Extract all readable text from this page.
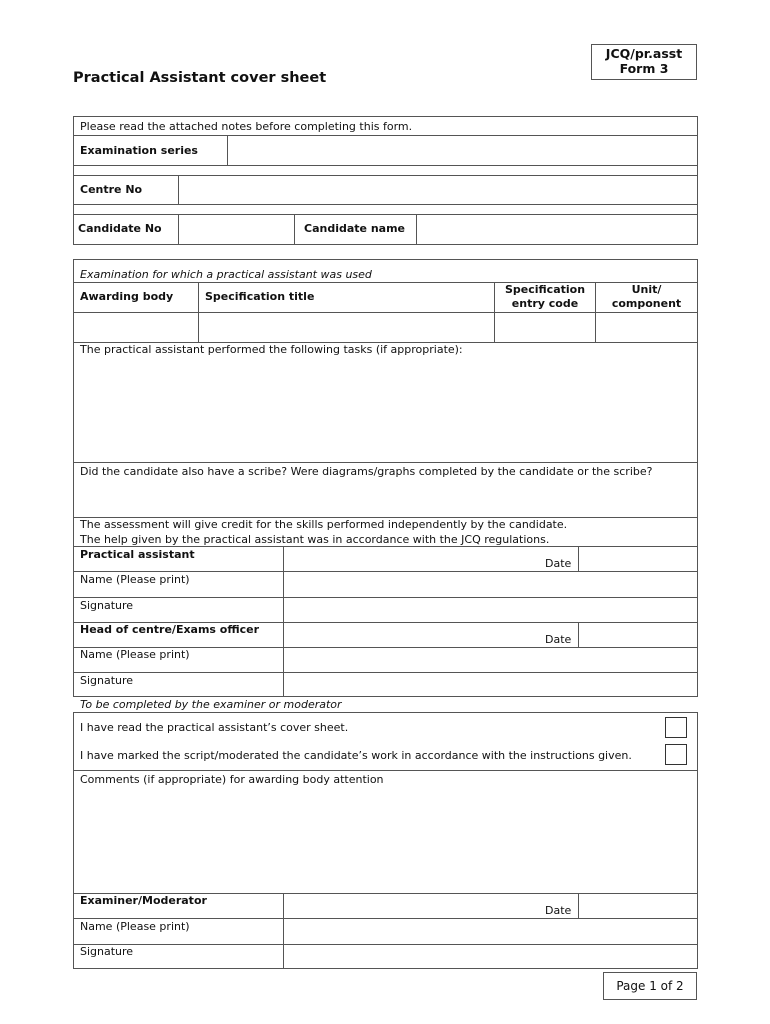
JCQ/pr.asst
Form 3
Practical Assistant cover sheet
Please read the attached notes before completing this form.
Examination series
Centre No
Candidate No	Candidate name
Examination for which a practical assistant was used
Awarding body	Specification title
Specification
entry code
Unit/
component
The practical assistant performed the following tasks (if appropriate):
Did the candidate also have a scribe? Were diagrams/graphs completed by the candidate or the scribe?
The assessment will give credit for the skills performed independently by the candidate.
The help given by the practical assistant was in accordance with the JCQ regulations.
Practical assistant
Date
Name (Please print)
Signature
Head of centre/Exams officer
Date
Name (Please print)
Signature
To be completed by the examiner or moderator
I have read the practical assistant’s cover sheet.
I have marked the script/moderated the candidate’s work in accordance with the instructions given.
Comments (if appropriate) for awarding body attention
Examiner/Moderator
Date
Name (Please print)
Signature
Page 1 of 2
